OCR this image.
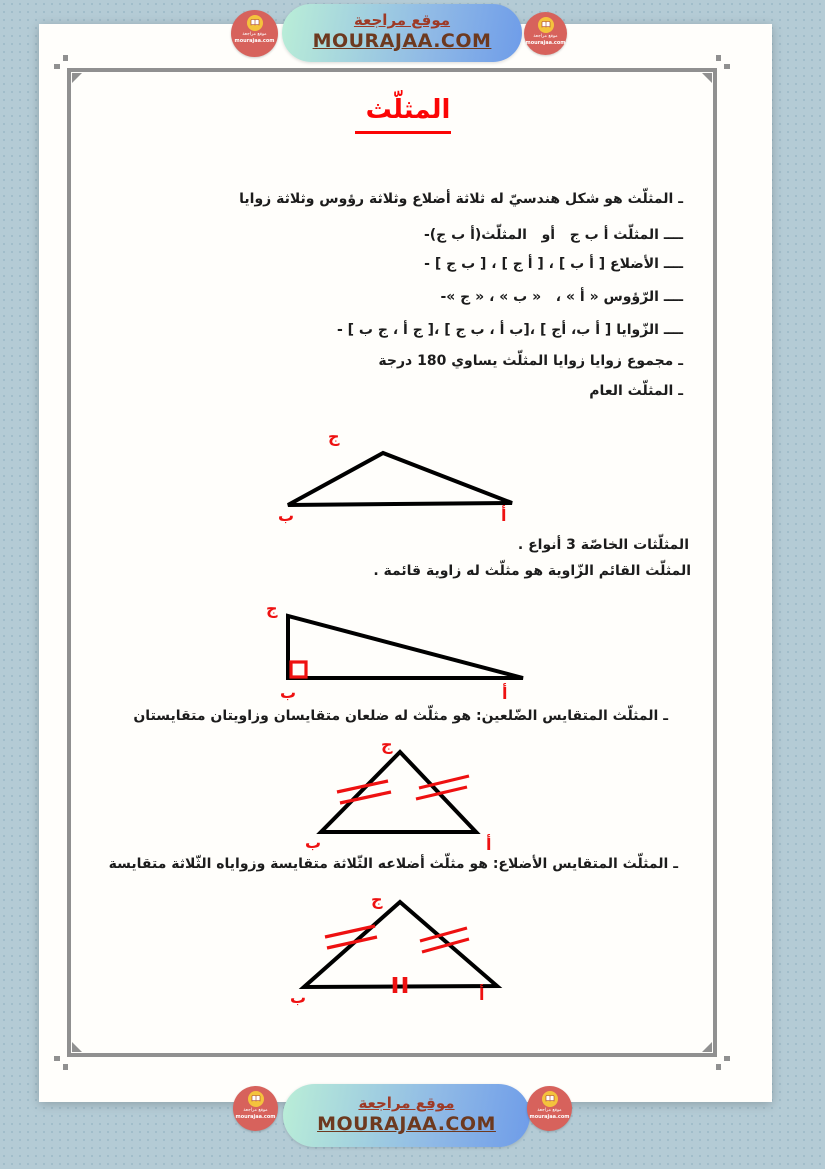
موقع مراجعة
MOURAJAA.COM
موقع مراجعة
mourajaa.com
موقع مراجعة
mourajaa.com
المثلّث
ـ المثلّث هو شكل هندسيّ له ثلاثة أضلاع وثلاثة رؤوس وثلاثة زوايا
ــــ المثلّث أ ب ج   أو   المثلّث(أ ب ج)-
ــــ الأضلاع [ أ ب ] ، [ أ ج ] ، [ ب ج ] -
ــــ الرّؤوس « أ » ،   « ب » ، « ج »-
ــــ الزّوايا [ أ ب، أج ] ،[ب أ ، ب ج ] ،[ ج أ ، ج ب ] -
ـ مجموع زوايا زوايا المثلّث يساوي 180 درجة
ـ المثلّث العام
المثلّثات الخاصّة 3 أنواع .
المثلّث القائم الزّاوية هو مثلّث له زاوية قائمة .
ـ المثلّث المتقايس الضّلعين: هو مثلّث له ضلعان متقايسان وزاويتان متقايستان
ـ المثلّث المتقايس الأضلاع: هو مثلّث أضلاعه الثّلاثة متقايسة وزواياه الثّلاثة متقايسة
ج
ب	أ
ج
ب	أ
ج
ب	أ
ج
ب	أ
موقع مراجعة
MOURAJAA.COM
موقع مراجعة
mourajaa.com
موقع مراجعة
mourajaa.com
